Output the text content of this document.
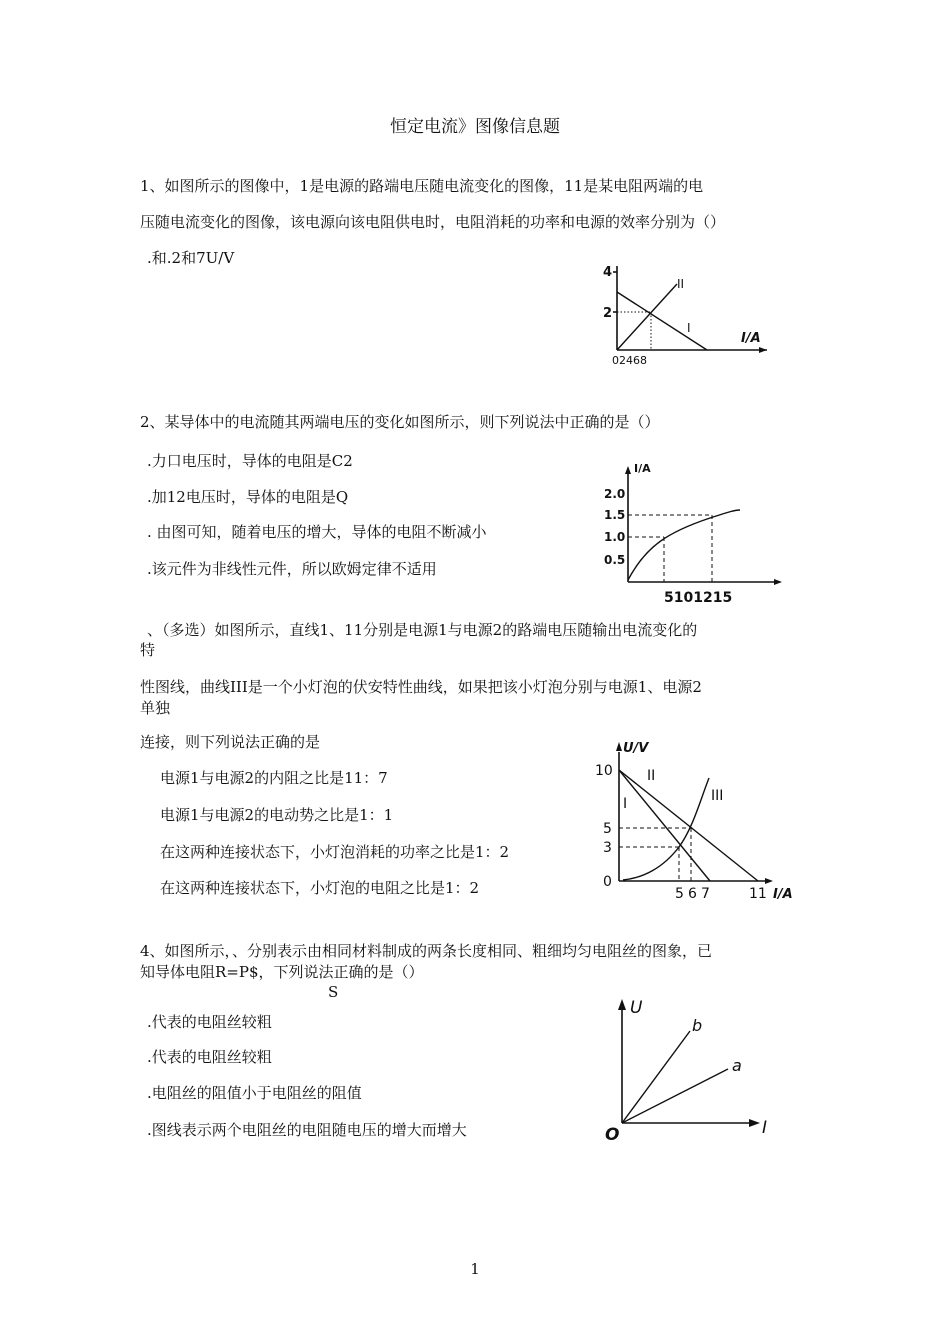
恒定电流》图像信息题
1、如图所示的图像中，1是电源的路端电压随电流变化的图像，11是某电阻两端的电
压随电流变化的图像，该电源向该电阻供电时，电阻消耗的功率和电源的效率分别为（）
.和.2和7U/V
4
2
02468
I/A
II
I
2、某导体中的电流随其两端电压的变化如图所示，则下列说法中正确的是（）
.力口电压时，导体的电阻是C2
.加12电压时，导体的电阻是Q
. 由图可知，随着电压的增大，导体的电阻不断减小
.该元件为非线性元件，所以欧姆定律不适用
I/A
2.0
1.5
1.0
0.5
5101215
、（多选）如图所示，直线1、11分别是电源1与电源2的路端电压随输出电流变化的
特
性图线，曲线III是一个小灯泡的伏安特性曲线，如果把该小灯泡分别与电源1、电源2
单独
连接，则下列说法正确的是
电源1与电源2的内阻之比是11：7
电源1与电源2的电动势之比是1：1
在这两种连接状态下，小灯泡消耗的功率之比是1：2
在这两种连接状态下，小灯泡的电阻之比是1：2
U/V
10
5
3
0
5 6 7	11 I/A
II
I	III
4、如图所示，、分别表示由相同材料制成的两条长度相同、粗细均匀电阻丝的图象，已
知导体电阻R=P$，下列说法正确的是（）
S
.代表的电阻丝较粗
.代表的电阻丝较粗
.电阻丝的阻值小于电阻丝的阻值
.图线表示两个电阻丝的电阻随电压的增大而增大
U
I
O
b
a
1
